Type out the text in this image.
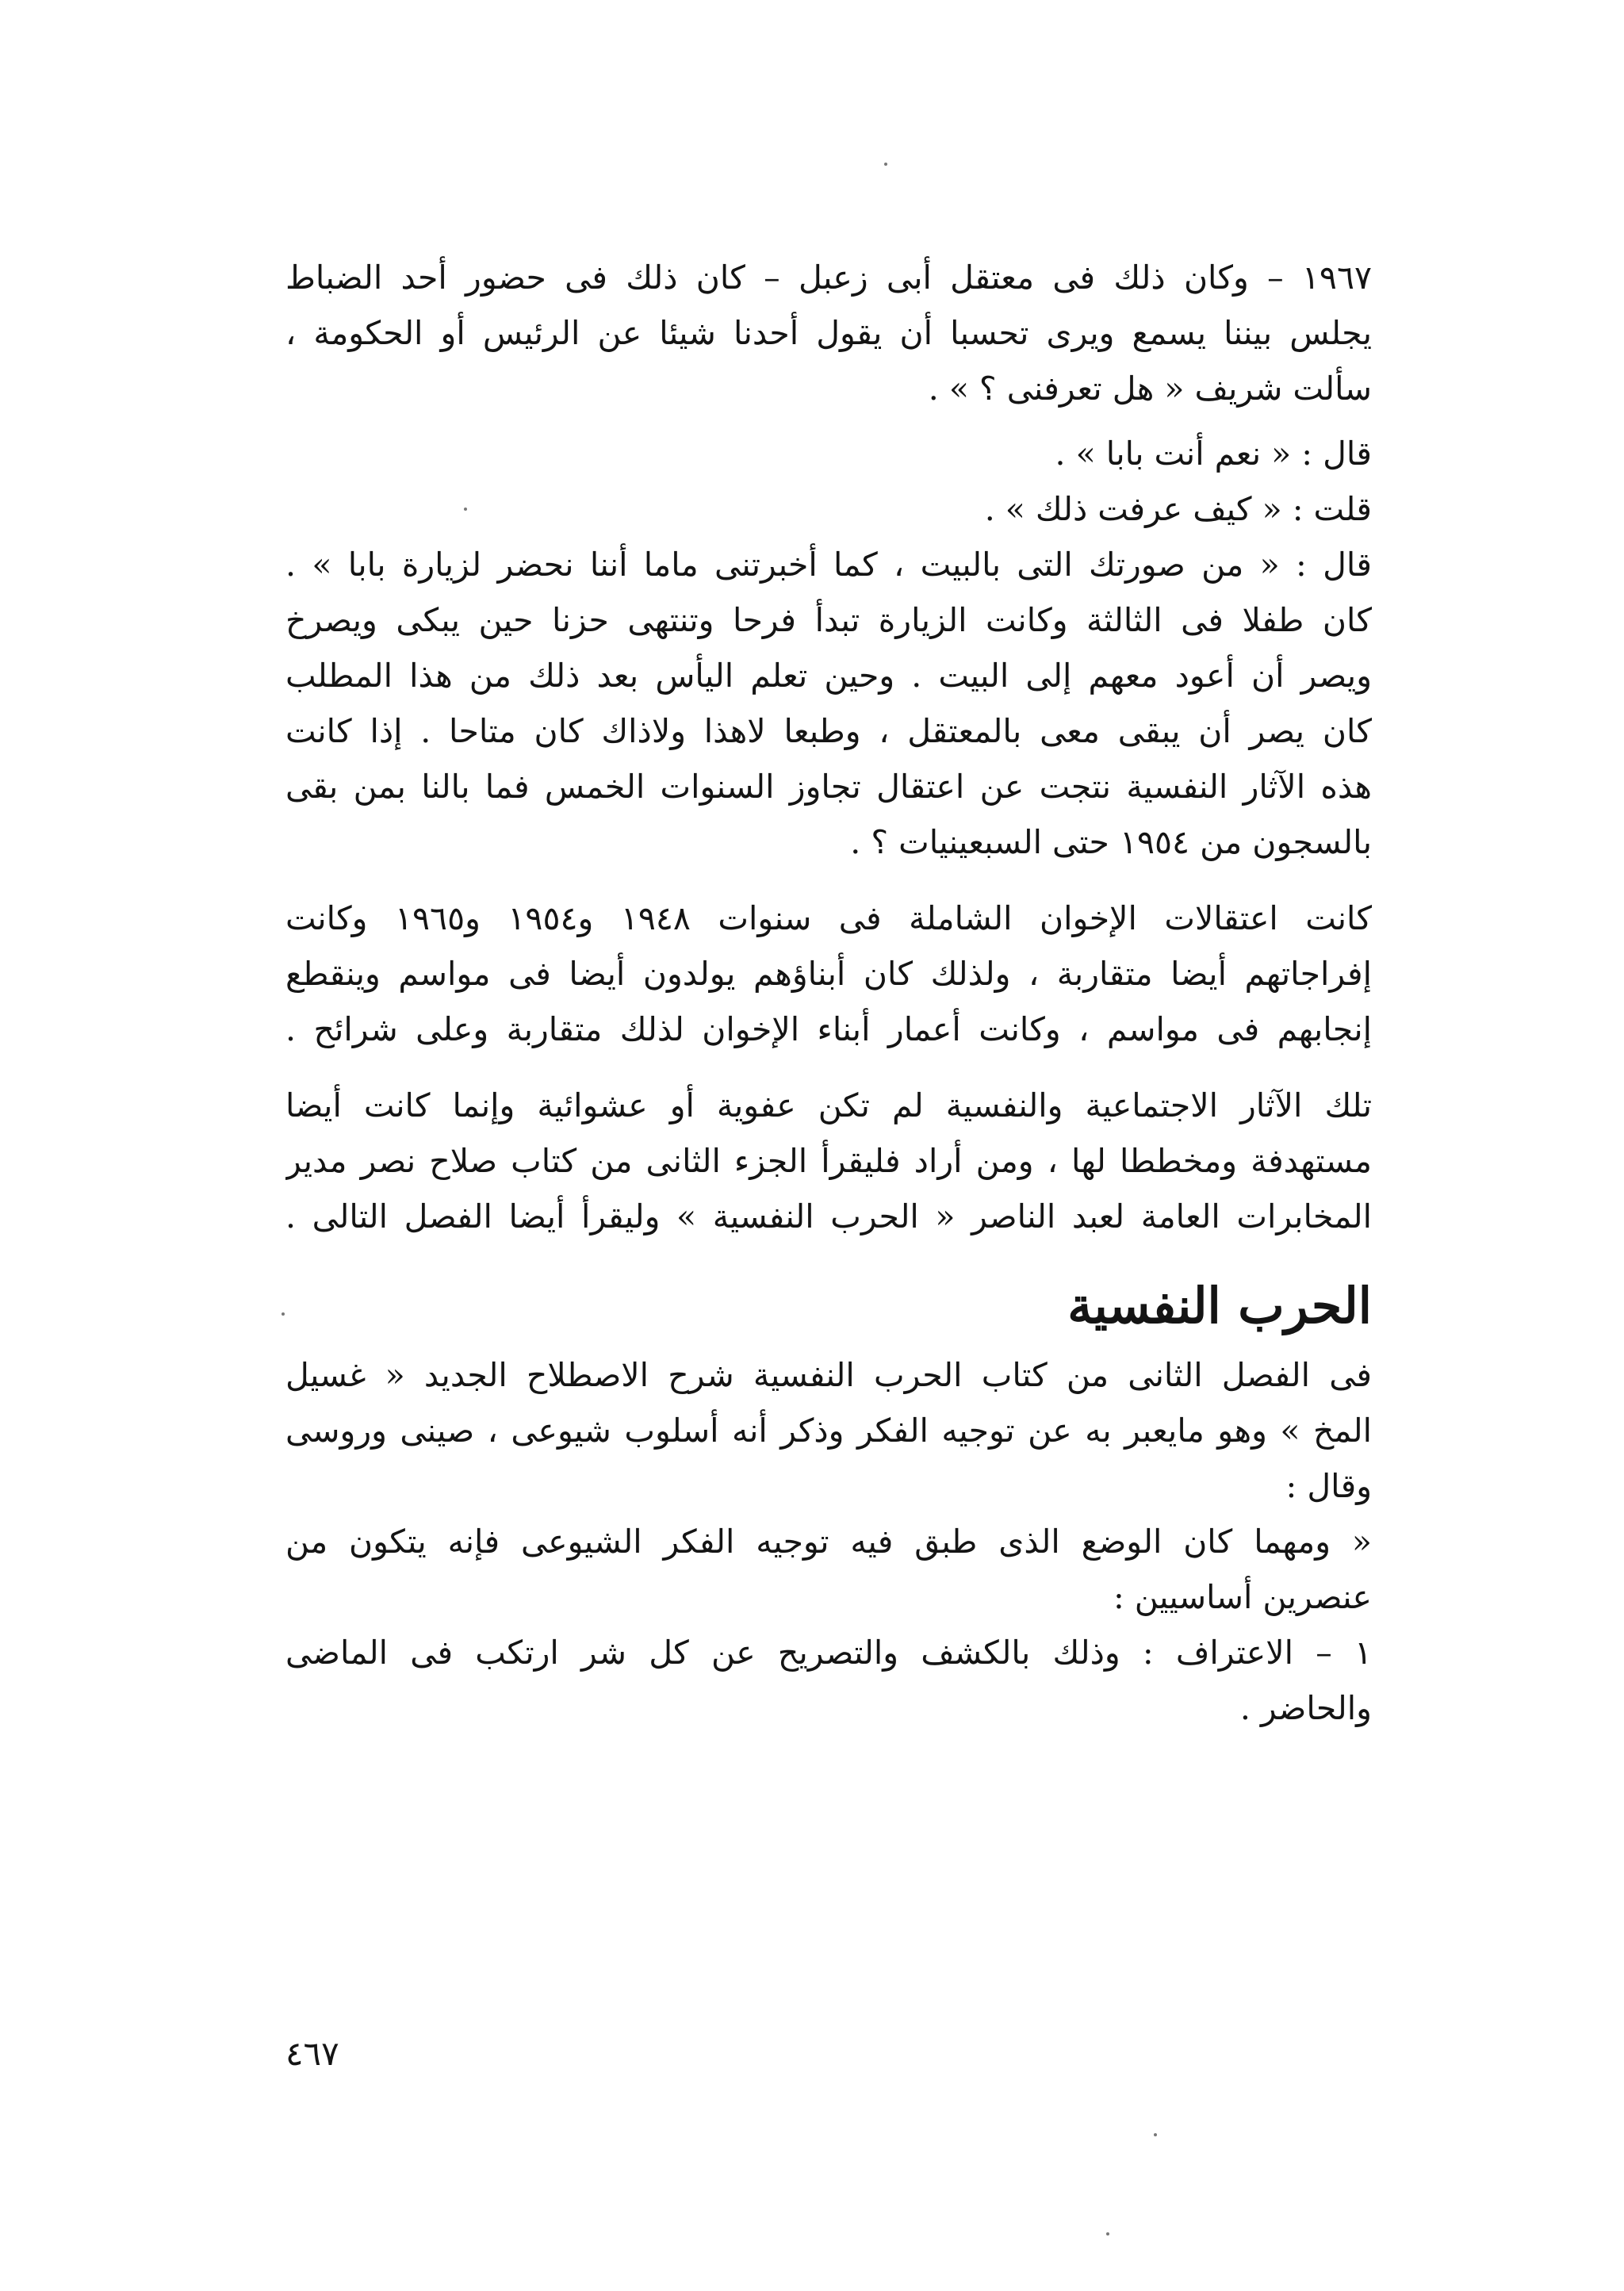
١٩٦٧ – وكان ذلك فى معتقل أبى زعبل – كان ذلك فى حضور أحد الضباط
يجلس بيننا يسمع ويرى تحسبا أن يقول أحدنا شيئا عن الرئيس أو الحكومة ،
سألت شريف « هل تعرفنى ؟ » .
قال : « نعم أنت بابا » .
قلت : « كيف عرفت ذلك » .
قال : « من صورتك التى بالبيت ، كما أخبرتنى ماما أننا نحضر لزيارة بابا » .
كان طفلا فى الثالثة وكانت الزيارة تبدأ فرحا وتنتهى حزنا حين يبكى ويصرخ
ويصر أن أعود معهم إلى البيت . وحين تعلم اليأس بعد ذلك من هذا المطلب
كان يصر أن يبقى معى بالمعتقل ، وطبعا لاهذا ولاذاك كان متاحا . إذا كانت
هذه الآثار النفسية نتجت عن اعتقال تجاوز السنوات الخمس فما بالنا بمن بقى
بالسجون من ١٩٥٤ حتى السبعينيات ؟ .
كانت اعتقالات الإخوان الشاملة فى سنوات ١٩٤٨ و١٩٥٤ و١٩٦٥ وكانت
إفراجاتهم أيضا متقاربة ، ولذلك كان أبناؤهم يولدون أيضا فى مواسم وينقطع
إنجابهم فى مواسم ، وكانت أعمار أبناء الإخوان لذلك متقاربة وعلى شرائح .
تلك الآثار الاجتماعية والنفسية لم تكن عفوية أو عشوائية وإنما كانت أيضا
مستهدفة ومخططا لها ، ومن أراد فليقرأ الجزء الثانى من كتاب صلاح نصر مدير
المخابرات العامة لعبد الناصر « الحرب النفسية » وليقرأ أيضا الفصل التالى .
الحرب النفسية
فى الفصل الثانى من كتاب الحرب النفسية شرح الاصطلاح الجديد « غسيل
المخ » وهو مايعبر به عن توجيه الفكر وذكر أنه أسلوب شيوعى ، صينى وروسى
وقال :
« ومهما كان الوضع الذى طبق فيه توجيه الفكر الشيوعى فإنه يتكون من
عنصرين أساسيين :
١ – الاعتراف : وذلك بالكشف والتصريح عن كل شر ارتكب فى الماضى
والحاضر .
٤٦٧
